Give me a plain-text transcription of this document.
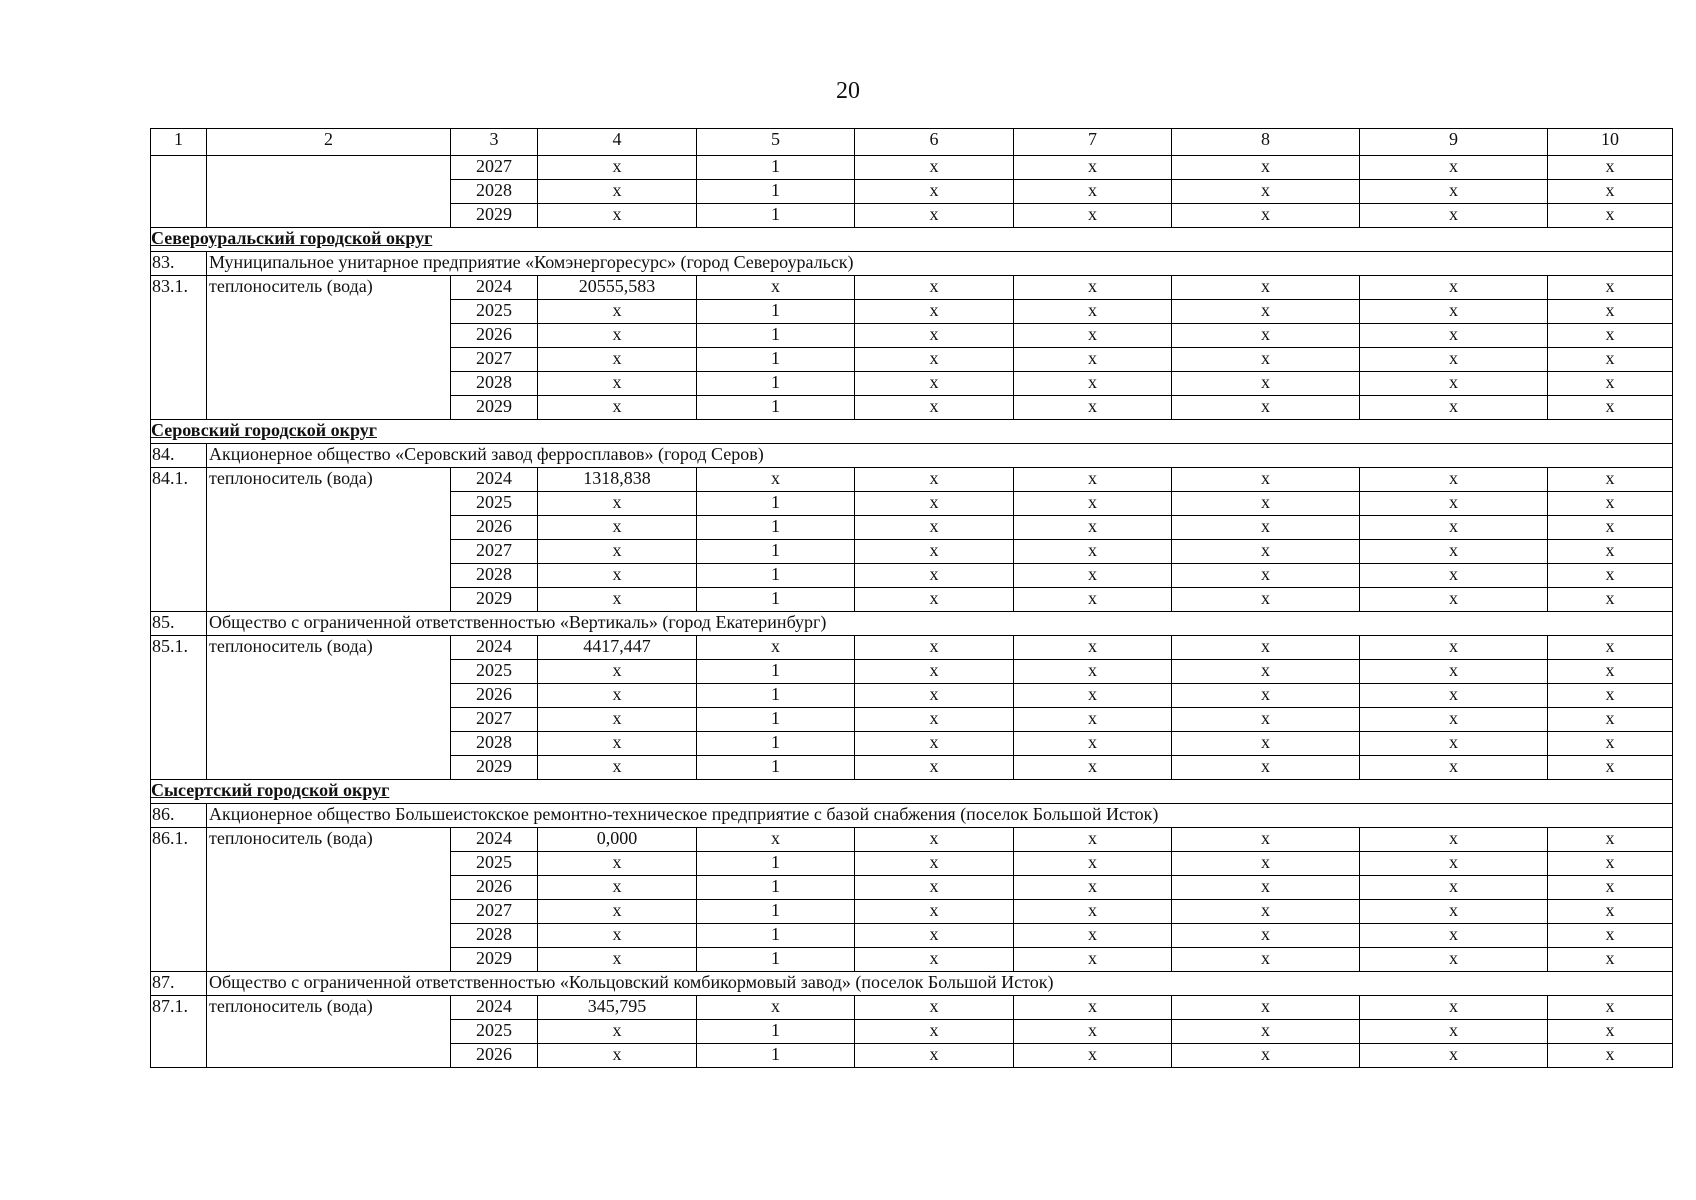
20
1	2	3	4	5	6	7	8	9	10
		2027	x	1	x	x	x	x	x
		2028	x	1	x	x	x	x	x
		2029	x	1	x	x	x	x	x
Североуральский городской округ									
83.	Муниципальное унитарное предприятие «Комэнергоресурс» (город Североуральск)								
83.1.	теплоноситель (вода)	2024	20555,583	x	x	x	x	x	x
		2025	x	1	x	x	x	x	x
		2026	x	1	x	x	x	x	x
		2027	x	1	x	x	x	x	x
		2028	x	1	x	x	x	x	x
		2029	x	1	x	x	x	x	x
Серовский городской округ									
84.	Акционерное общество «Серовский завод ферросплавов» (город Серов)								
84.1.	теплоноситель (вода)	2024	1318,838	x	x	x	x	x	x
		2025	x	1	x	x	x	x	x
		2026	x	1	x	x	x	x	x
		2027	x	1	x	x	x	x	x
		2028	x	1	x	x	x	x	x
		2029	x	1	x	x	x	x	x
85.	Общество с ограниченной ответственностью «Вертикаль» (город Екатеринбург)								
85.1.	теплоноситель (вода)	2024	4417,447	x	x	x	x	x	x
		2025	x	1	x	x	x	x	x
		2026	x	1	x	x	x	x	x
		2027	x	1	x	x	x	x	x
		2028	x	1	x	x	x	x	x
		2029	x	1	x	x	x	x	x
Сысертский городской округ									
86.	Акционерное общество Большеистокское ремонтно-техническое предприятие с базой снабжения (поселок Большой Исток)								
86.1.	теплоноситель (вода)	2024	0,000	x	x	x	x	x	x
		2025	x	1	x	x	x	x	x
		2026	x	1	x	x	x	x	x
		2027	x	1	x	x	x	x	x
		2028	x	1	x	x	x	x	x
		2029	x	1	x	x	x	x	x
87.	Общество с ограниченной ответственностью «Кольцовский комбикормовый завод» (поселок Большой Исток)								
87.1.	теплоноситель (вода)	2024	345,795	x	x	x	x	x	x
		2025	x	1	x	x	x	x	x
		2026	x	1	x	x	x	x	x
